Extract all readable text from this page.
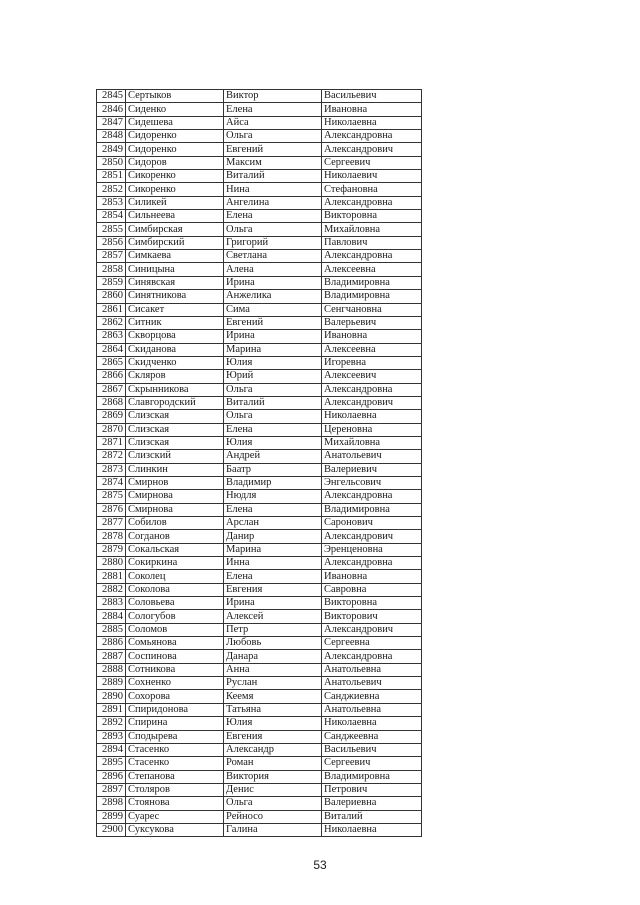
2845	Сертыков	Виктор	Васильевич
2846	Сиденко	Елена	Ивановна
2847	Сидешева	Айса	Николаевна
2848	Сидоренко	Ольга	Александровна
2849	Сидоренко	Евгений	Александрович
2850	Сидоров	Максим	Сергеевич
2851	Сикоренко	Виталий	Николаевич
2852	Сикоренко	Нина	Стефановна
2853	Силикей	Ангелина	Александровна
2854	Сильнеева	Елена	Викторовна
2855	Симбирская	Ольга	Михайловна
2856	Симбирский	Григорий	Павлович
2857	Симкаева	Светлана	Александровна
2858	Синицына	Алена	Алексеевна
2859	Синявская	Ирина	Владимировна
2860	Синятникова	Анжелика	Владимировна
2861	Сисакет	Сима	Сенгчановна
2862	Ситник	Евгений	Валерьевич
2863	Скворцова	Ирина	Ивановна
2864	Скиданова	Марина	Алексеевна
2865	Скидченко	Юлия	Игоревна
2866	Скляров	Юрий	Алексеевич
2867	Скрынникова	Ольга	Александровна
2868	Славгородский	Виталий	Александрович
2869	Слизская	Ольга	Николаевна
2870	Слизская	Елена	Цереновна
2871	Слизская	Юлия	Михайловна
2872	Слизский	Андрей	Анатольевич
2873	Слинкин	Баатр	Валериевич
2874	Смирнов	Владимир	Энгельсович
2875	Смирнова	Нюдля	Александровна
2876	Смирнова	Елена	Владимировна
2877	Собилов	Арслан	Саронович
2878	Согданов	Данир	Александрович
2879	Сокальская	Марина	Эренценовна
2880	Сокиркина	Инна	Александровна
2881	Соколец	Елена	Ивановна
2882	Соколова	Евгения	Савровна
2883	Соловьева	Ирина	Викторовна
2884	Сологубов	Алексей	Викторович
2885	Соломов	Петр	Александрович
2886	Сомьянова	Любовь	Сергеевна
2887	Соспинова	Данара	Александровна
2888	Сотникова	Анна	Анатольевна
2889	Сохненко	Руслан	Анатольевич
2890	Сохорова	Кеемя	Санджиевна
2891	Спиридонова	Татьяна	Анатольевна
2892	Спирина	Юлия	Николаевна
2893	Сподырева	Евгения	Санджеевна
2894	Стасенко	Александр	Васильевич
2895	Стасенко	Роман	Сергеевич
2896	Степанова	Виктория	Владимировна
2897	Столяров	Денис	Петрович
2898	Стоянова	Ольга	Валериевна
2899	Суарес	Рейносо	Виталий
2900	Суксукова	Галина	Николаевна
53
